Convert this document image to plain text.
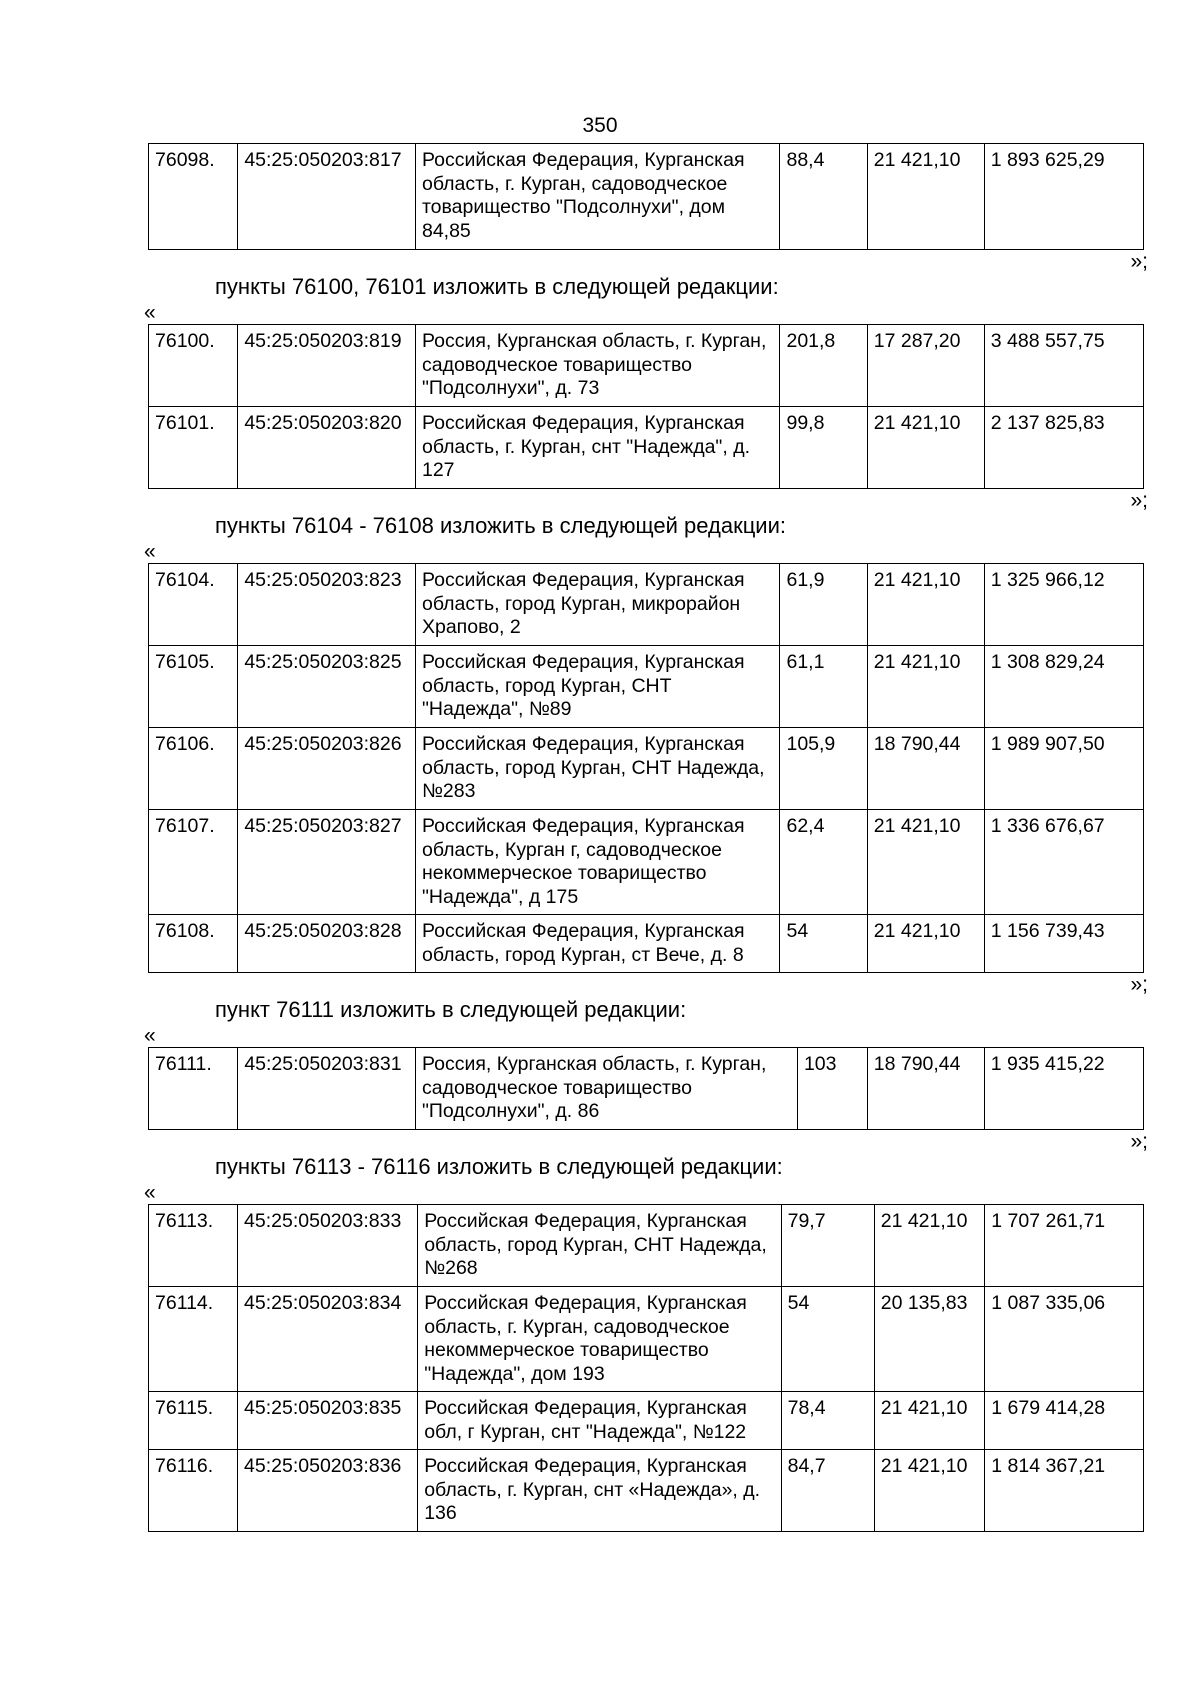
350
76098.	45:25:050203:817	Российская Федерация, Курганская область, г. Курган, садоводческое товарищество "Подсолнухи", дом 84,85	88,4	21 421,10	1 893 625,29
»;
пункты 76100, 76101 изложить в следующей редакции:
«
76100.	45:25:050203:819	Россия, Курганская область, г. Курган, садоводческое товарищество "Подсолнухи", д. 73	201,8	17 287,20	3 488 557,75
76101.	45:25:050203:820	Российская Федерация, Курганская область, г. Курган, снт "Надежда", д. 127	99,8	21 421,10	2 137 825,83
»;
пункты 76104 - 76108 изложить в следующей редакции:
«
76104.	45:25:050203:823	Российская Федерация, Курганская область, город Курган, микрорайон Храпово, 2	61,9	21 421,10	1 325 966,12
76105.	45:25:050203:825	Российская Федерация, Курганская область, город Курган, СНТ "Надежда", №89	61,1	21 421,10	1 308 829,24
76106.	45:25:050203:826	Российская Федерация, Курганская область, город Курган, СНТ Надежда, №283	105,9	18 790,44	1 989 907,50
76107.	45:25:050203:827	Российская Федерация, Курганская область, Курган г, садоводческое некоммерческое товарищество "Надежда", д 175	62,4	21 421,10	1 336 676,67
76108.	45:25:050203:828	Российская Федерация, Курганская область, город Курган, ст Вече, д. 8	54	21 421,10	1 156 739,43
»;
пункт 76111 изложить в следующей редакции:
«
76111.	45:25:050203:831	Россия, Курганская область, г. Курган, садоводческое товарищество "Подсолнухи", д. 86	103	18 790,44	1 935 415,22
»;
пункты 76113 - 76116 изложить в следующей редакции:
«
76113.	45:25:050203:833	Российская Федерация, Курганская область, город Курган, СНТ Надежда, №268	79,7	21 421,10	1 707 261,71
76114.	45:25:050203:834	Российская Федерация, Курганская область, г. Курган, садоводческое некоммерческое товарищество "Надежда", дом 193	54	20 135,83	1 087 335,06
76115.	45:25:050203:835	Российская Федерация, Курганская обл, г Курган, снт "Надежда", №122	78,4	21 421,10	1 679 414,28
76116.	45:25:050203:836	Российская Федерация, Курганская область, г. Курган, снт «Надежда», д. 136	84,7	21 421,10	1 814 367,21
